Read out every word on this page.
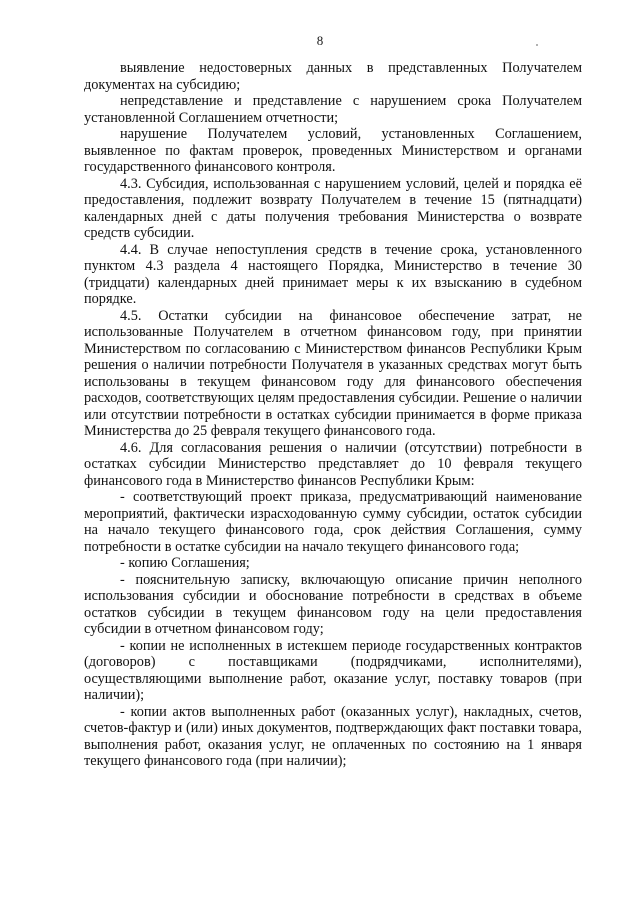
8

выявление недостоверных данных в представленных Получателем документах на субсидию;

непредставление и представление с нарушением срока Получателем установленной Соглашением отчетности;

нарушение Получателем условий, установленных Соглашением, выявленное по фактам проверок, проведенных Министерством и органами государственного финансового контроля.

4.3. Субсидия, использованная с нарушением условий, целей и порядка её предоставления, подлежит возврату Получателем в течение 15 (пятнадцати) календарных дней с даты получения требования Министерства о возврате средств субсидии.

4.4. В случае непоступления средств в течение срока, установленного пунктом 4.3 раздела 4 настоящего Порядка, Министерство в течение 30 (тридцати) календарных дней принимает меры к их взысканию в судебном порядке.

4.5. Остатки субсидии на финансовое обеспечение затрат, не использованные Получателем в отчетном финансовом году, при принятии Министерством по согласованию с Министерством финансов Республики Крым решения о наличии потребности Получателя в указанных средствах могут быть использованы в текущем финансовом году для финансового обеспечения расходов, соответствующих целям предоставления субсидии. Решение о наличии или отсутствии потребности в остатках субсидии принимается в форме приказа Министерства до 25 февраля текущего финансового года.

4.6. Для согласования решения о наличии (отсутствии) потребности в остатках субсидии Министерство представляет до 10 февраля текущего финансового года в Министерство финансов Республики Крым:

- соответствующий проект приказа, предусматривающий наименование мероприятий, фактически израсходованную сумму субсидии, остаток субсидии на начало текущего финансового года, срок действия Соглашения, сумму потребности в остатке субсидии на начало текущего финансового года;

- копию Соглашения;

- пояснительную записку, включающую описание причин неполного использования субсидии и обоснование потребности в средствах в объеме остатков субсидии в текущем финансовом году на цели предоставления субсидии в отчетном финансовом году;

- копии не исполненных в истекшем периоде государственных контрактов (договоров) с поставщиками (подрядчиками, исполнителями), осуществляющими выполнение работ, оказание услуг, поставку товаров (при наличии);

- копии актов выполненных работ (оказанных услуг), накладных, счетов, счетов-фактур и (или) иных документов, подтверждающих факт поставки товара, выполнения работ, оказания услуг, не оплаченных по состоянию на 1 января текущего финансового года (при наличии);
